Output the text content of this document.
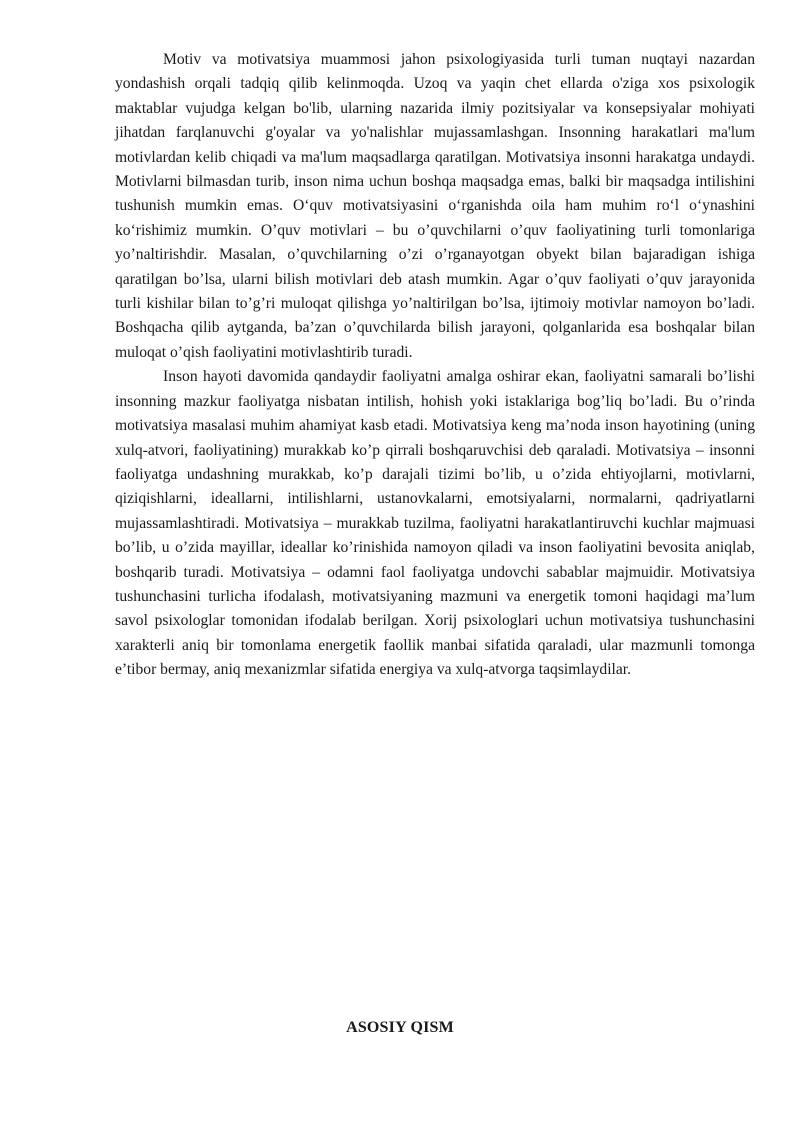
Motiv va motivatsiya muammosi jahon psixologiyasida turli tuman nuqtayi nazardan yondashish orqali tadqiq qilib kelinmoqda. Uzoq va yaqin chet ellarda o'ziga xos psixologik maktablar vujudga kelgan bo'lib, ularning nazarida ilmiy pozitsiyalar va konsepsiyalar mohiyati jihatdan farqlanuvchi g'oyalar va yo'nalishlar mujassamlashgan. Insonning harakatlari ma'lum motivlardan kelib chiqadi va ma'lum maqsadlarga qaratilgan. Motivatsiya insonni harakatga undaydi. Motivlarni bilmasdan turib, inson nima uchun boshqa maqsadga emas, balki bir maqsadga intilishini tushunish mumkin emas. O‘quv motivatsiyasini o‘rganishda oila ham muhim ro‘l o‘ynashini ko‘rishimiz mumkin. O’quv motivlari – bu o’quvchilarni o’quv faoliyatining turli tomonlariga yo’naltirishdir. Masalan, o’quvchilarning o’zi o’rganayotgan obyekt bilan bajaradigan ishiga qaratilgan bo’lsa, ularni bilish motivlari deb atash mumkin. Agar o’quv faoliyati o’quv jarayonida turli kishilar bilan to’g’ri muloqat qilishga yo’naltirilgan bo’lsa, ijtimoiy motivlar namoyon bo’ladi. Boshqacha qilib aytganda, ba’zan o’quvchilarda bilish jarayoni, qolganlarida esa boshqalar bilan muloqat o’qish faoliyatini motivlashtirib turadi.

Inson hayoti davomida qandaydir faoliyatni amalga oshirar ekan, faoliyatni samarali bo’lishi insonning mazkur faoliyatga nisbatan intilish, hohish yoki istaklariga bog’liq bo’ladi. Bu o’rinda motivatsiya masalasi muhim ahamiyat kasb etadi. Motivatsiya keng ma’noda inson hayotining (uning xulq-atvori, faoliyatining) murakkab ko’p qirrali boshqaruvchisi deb qaraladi. Motivatsiya – insonni faoliyatga undashning murakkab, ko’p darajali tizimi bo’lib, u o’zida ehtiyojlarni, motivlarni, qiziqishlarni, ideallarni, intilishlarni, ustanovkalarni, emotsiyalarni, normalarni, qadriyatlarni mujassamlashtiradi. Motivatsiya – murakkab tuzilma, faoliyatni harakatlantiruvchi kuchlar majmuasi bo’lib, u o’zida mayillar, ideallar ko’rinishida namoyon qiladi va inson faoliyatini bevosita aniqlab, boshqarib turadi. Motivatsiya – odamni faol faoliyatga undovchi sabablar majmuidir. Motivatsiya tushunchasini turlicha ifodalash, motivatsiyaning mazmuni va energetik tomoni haqidagi ma’lum savol psixologlar tomonidan ifodalab berilgan. Xorij psixologlari uchun motivatsiya tushunchasini xarakterli aniq bir tomonlama energetik faollik manbai sifatida qaraladi, ular mazmunli tomonga e’tibor bermay, aniq mexanizmlar sifatida energiya va xulq-atvorga taqsimlaydilar.

ASOSIY QISM
